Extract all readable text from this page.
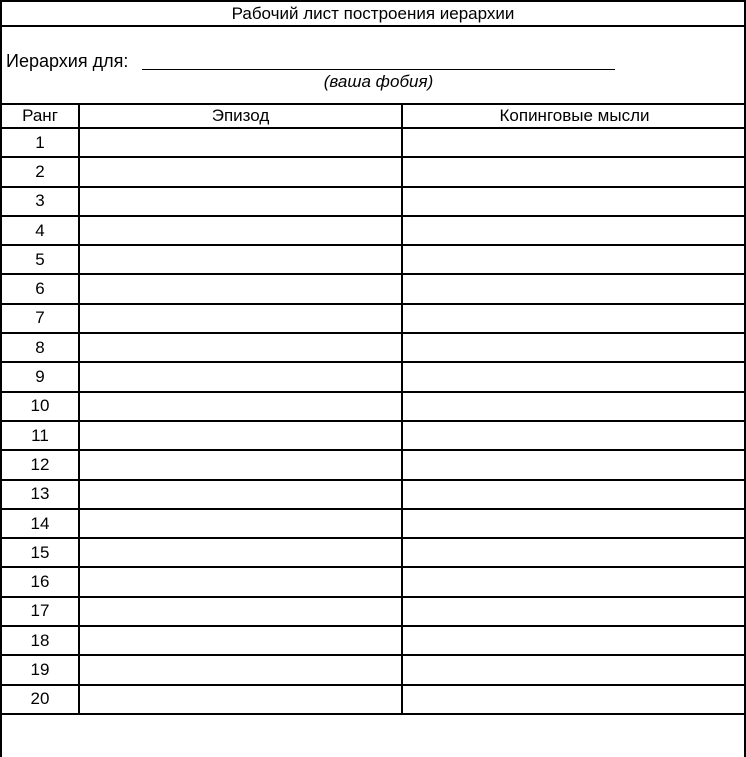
Рабочий лист построения иерархии
Иерархия для:
(ваша фобия)
Ранг	Эпизод	Копинговые мысли
1		
2		
3		
4		
5		
6		
7		
8		
9		
10		
11		
12		
13		
14		
15		
16		
17		
18		
19		
20		
